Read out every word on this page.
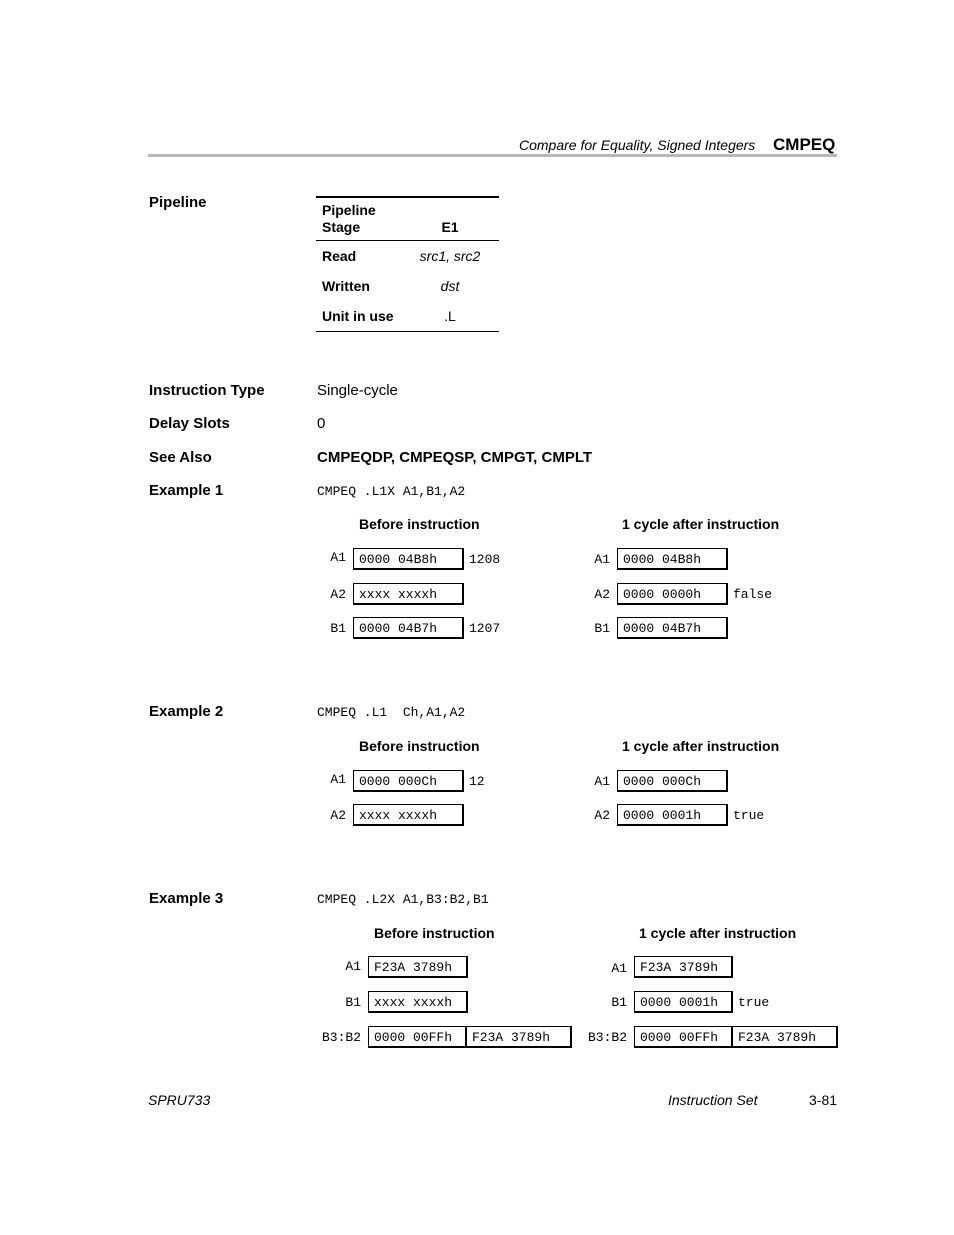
Compare for Equality, Signed Integers CMPEQ
Pipeline	Pipeline
Stage	E1
Read	src1, src2
Written	dst
Unit in use	.L
Instruction Type	Single-cycle
Delay Slots	0
See Also	CMPEQDP, CMPEQSP, CMPGT, CMPLT
Example 1	CMPEQ .L1X A1,B1,A2
Before instruction	1 cycle after instruction
A1	0000 04B8h	1208
A2	xxxx xxxxh
B1	0000 04B7h	1207
A1	0000 04B8h
A2	0000 0000h	false
B1	0000 04B7h
Example 2	CMPEQ .L1  Ch,A1,A2
Before instruction	1 cycle after instruction
A1	0000 000Ch	12
A2	xxxx xxxxh
A1	0000 000Ch
A2	0000 0001h	true
Example 3	CMPEQ .L2X A1,B3:B2,B1
Before instruction	1 cycle after instruction
A1	F23A 3789h
B1	xxxx xxxxh
B3:B2	0000 00FFh	F23A 3789h
A1	F23A 3789h
B1	0000 0001h	true
B3:B2	0000 00FFh	F23A 3789h
SPRU733	Instruction Set	3-81
